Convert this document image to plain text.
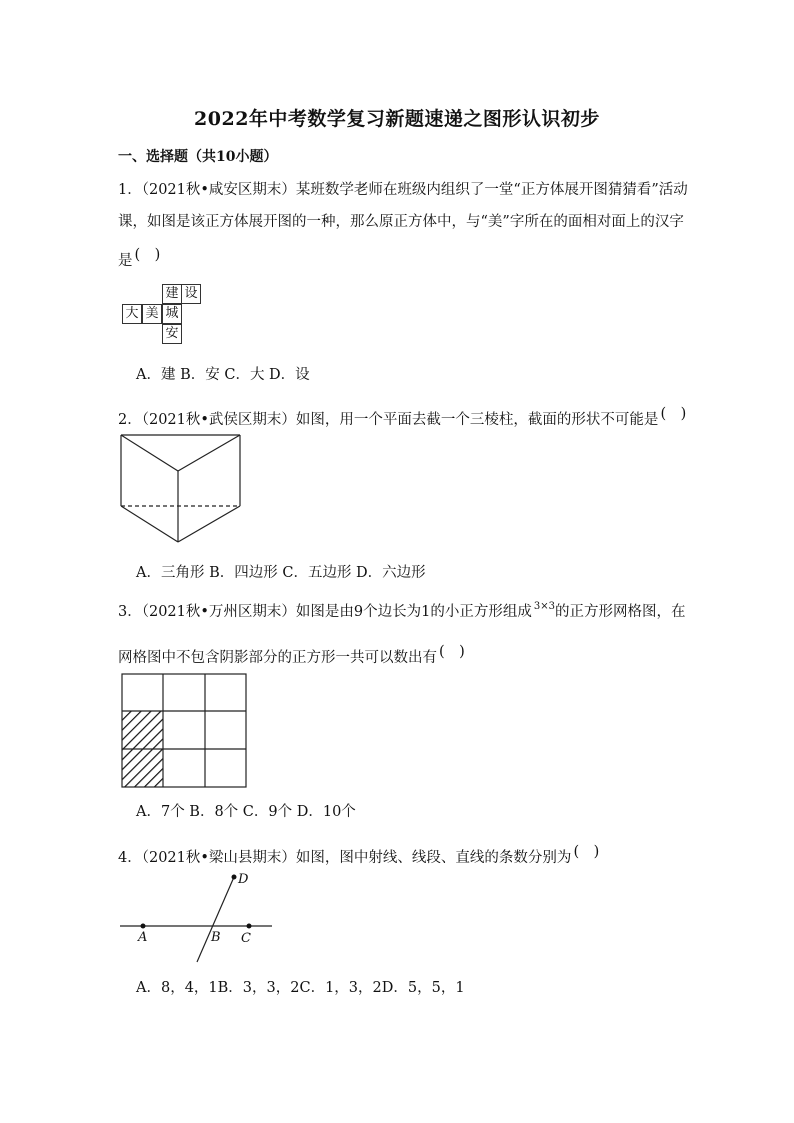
2022年中考数学复习新题速递之图形认识初步
一、选择题（共10小题）
1．（2021秋•咸安区期末）某班数学老师在班级内组织了一堂“正方体展开图猜猜看”活动
课，如图是该正方体展开图的一种，那么原正方体中，与“美”字所在的面相对面上的汉字
是 (　)
建 设
大 美 城
安
A．建 B．安 C．大 D．设
2．（2021秋•武侯区期末）如图，用一个平面去截一个三棱柱，截面的形状不可能是 (　)
A．三角形 B．四边形 C．五边形 D．六边形
3．（2021秋•万州区期末）如图是由9个边长为1的小正方形组成 $^{3\times 3}$的正方形网格图，在
网格图中不包含阴影部分的正方形一共可以数出有 (　)
A．7个 B．8个 C．9个 D．10个
4．（2021秋•梁山县期末）如图，图中射线、线段、直线的条数分别为 (　)
A	B C
D
A．8，4，1B．3，3，2C．1，3，2D．5，5，1
